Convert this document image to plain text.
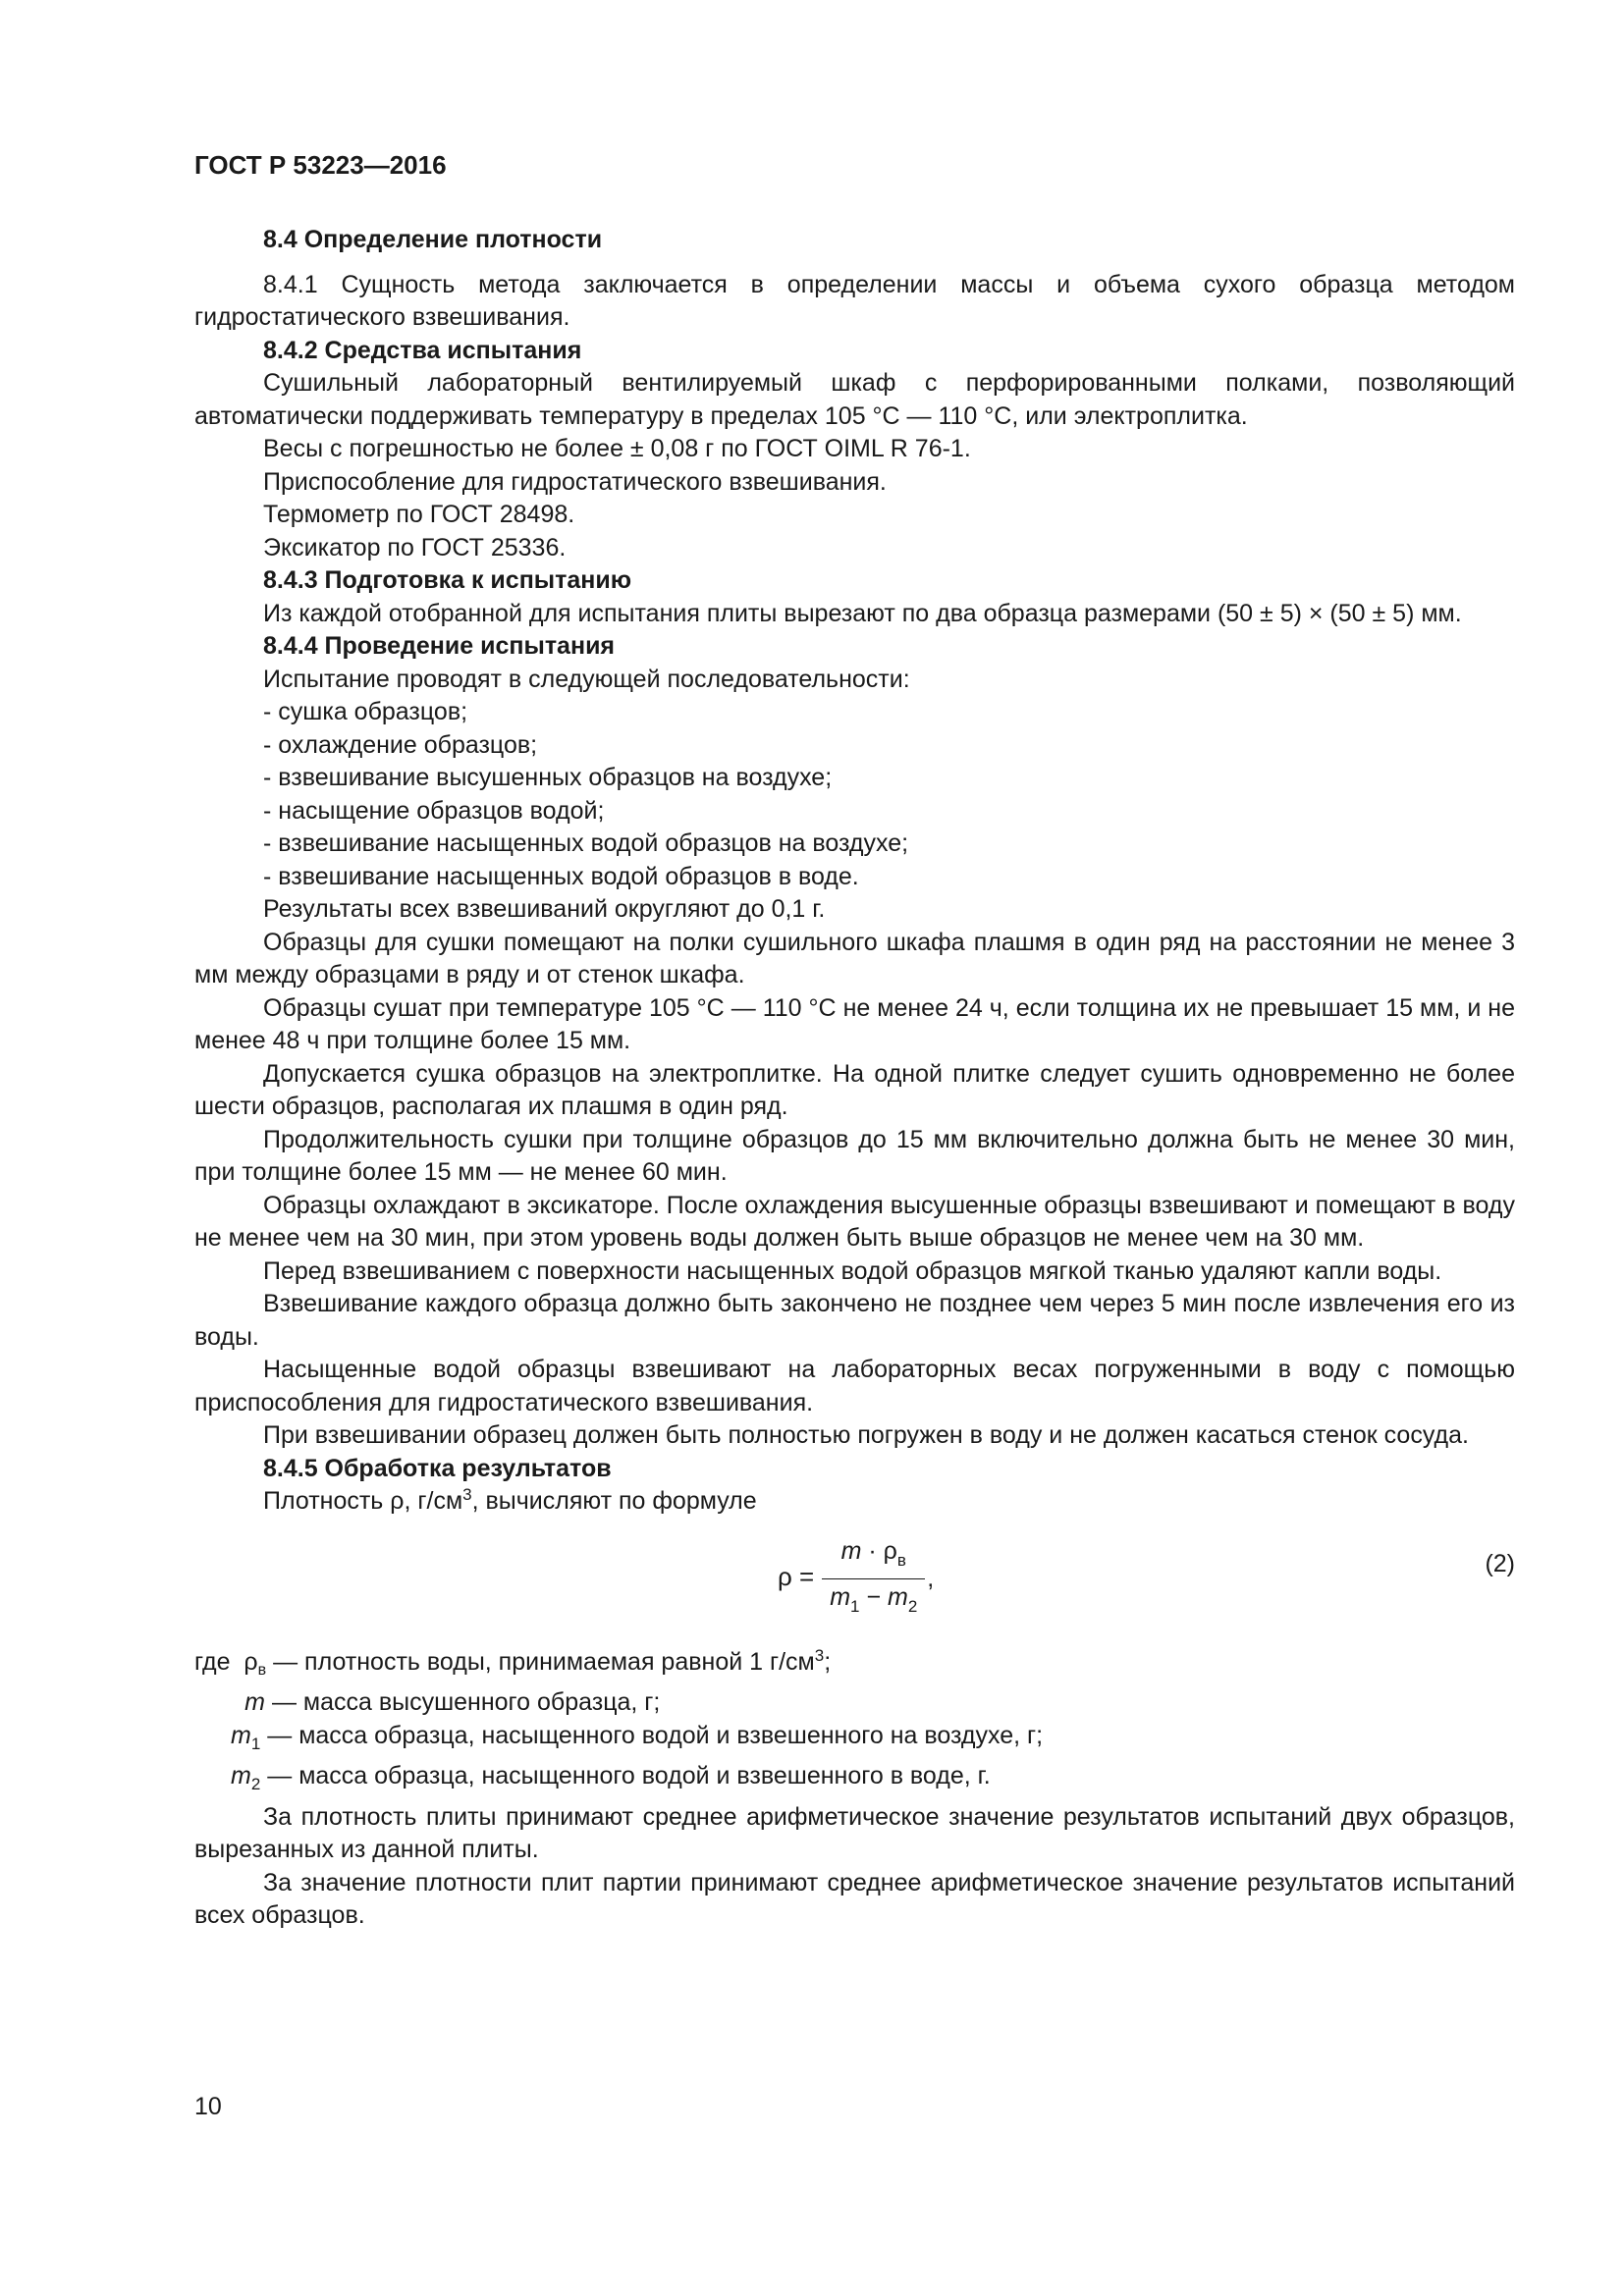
ГОСТ Р 53223—2016

8.4 Определение плотности

8.4.1 Сущность метода заключается в определении массы и объема сухого образца методом гидростатического взвешивания.

8.4.2 Средства испытания

Сушильный лабораторный вентилируемый шкаф с перфорированными полками, позволяющий автоматически поддерживать температуру в пределах 105 °С — 110 °С, или электроплитка.

Весы с погрешностью не более ± 0,08 г по ГОСТ OIML R 76-1.

Приспособление для гидростатического взвешивания.

Термометр по ГОСТ 28498.

Эксикатор по ГОСТ 25336.

8.4.3 Подготовка к испытанию

Из каждой отобранной для испытания плиты вырезают по два образца размерами (50 ± 5) × (50 ± 5) мм.

8.4.4 Проведение испытания

Испытание проводят в следующей последовательности:

- сушка образцов;

- охлаждение образцов;

- взвешивание высушенных образцов на воздухе;

- насыщение образцов водой;

- взвешивание насыщенных водой образцов на воздухе;

- взвешивание насыщенных водой образцов в воде.

Результаты всех взвешиваний округляют до 0,1 г.

Образцы для сушки помещают на полки сушильного шкафа плашмя в один ряд на расстоянии не менее 3 мм между образцами в ряду и от стенок шкафа.

Образцы сушат при температуре 105 °С — 110 °С не менее 24 ч, если толщина их не превышает 15 мм, и не менее 48 ч при толщине более 15 мм.

Допускается сушка образцов на электроплитке. На одной плитке следует сушить одновременно не более шести образцов, располагая их плашмя в один ряд.

Продолжительность сушки при толщине образцов до 15 мм включительно должна быть не менее 30 мин, при толщине более 15 мм — не менее 60 мин.

Образцы охлаждают в эксикаторе. После охлаждения высушенные образцы взвешивают и помещают в воду не менее чем на 30 мин, при этом уровень воды должен быть выше образцов не менее чем на 30 мм.

Перед взвешиванием с поверхности насыщенных водой образцов мягкой тканью удаляют капли воды.

Взвешивание каждого образца должно быть закончено не позднее чем через 5 мин после извлечения его из воды.

Насыщенные водой образцы взвешивают на лабораторных весах погруженными в воду с помощью приспособления для гидростатического взвешивания.

При взвешивании образец должен быть полностью погружен в воду и не должен касаться стенок сосуда.

8.4.5 Обработка результатов

Плотность ρ, $г/см^3$, вычисляют по формуле

$\rho = \frac{m \cdot \rho_в}{m_1 - m_2}$ ,
(2)

где $\rho_в$ — плотность воды, принимаемая равной 1 $г/см^3$;

m — масса высушенного образца, г;

$m_1$ — масса образца, насыщенного водой и взвешенного на воздухе, г;

$m_2$ — масса образца, насыщенного водой и взвешенного в воде, г.

За плотность плиты принимают среднее арифметическое значение результатов испытаний двух образцов, вырезанных из данной плиты.

За значение плотности плит партии принимают среднее арифметическое значение результатов испытаний всех образцов.

10
